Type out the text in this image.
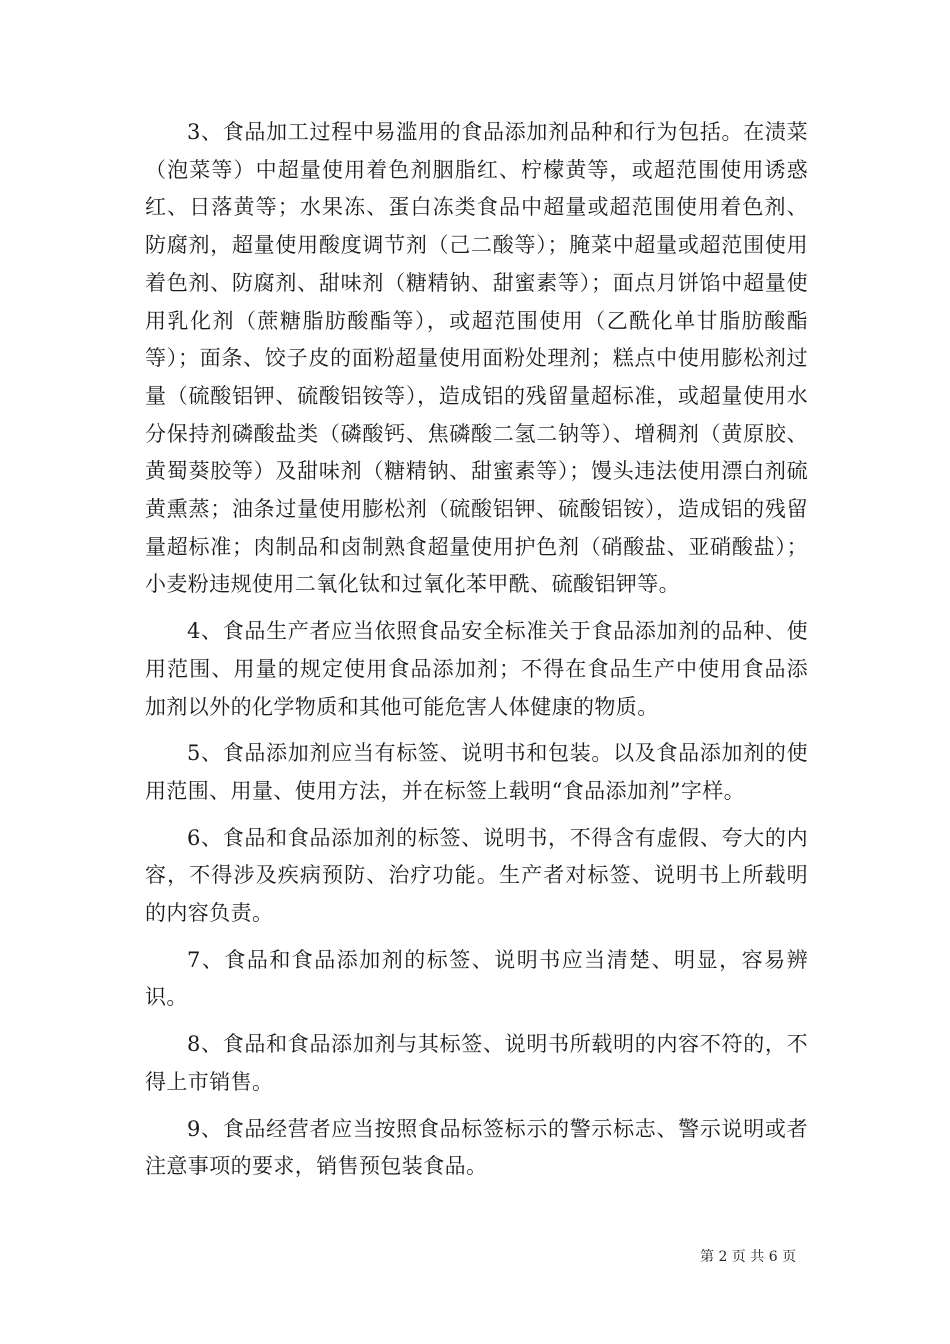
3、食品加工过程中易滥用的食品添加剂品种和行为包括。在渍菜（泡菜等）中超量使用着色剂胭脂红、柠檬黄等，或超范围使用诱惑红、日落黄等；水果冻、蛋白冻类食品中超量或超范围使用着色剂、防腐剂，超量使用酸度调节剂（己二酸等）；腌菜中超量或超范围使用着色剂、防腐剂、甜味剂（糖精钠、甜蜜素等）；面点月饼馅中超量使用乳化剂（蔗糖脂肪酸酯等），或超范围使用（乙酰化单甘脂肪酸酯等）；面条、饺子皮的面粉超量使用面粉处理剂；糕点中使用膨松剂过量（硫酸铝钾、硫酸铝铵等），造成铝的残留量超标准，或超量使用水分保持剂磷酸盐类（磷酸钙、焦磷酸二氢二钠等）、增稠剂（黄原胶、黄蜀葵胶等）及甜味剂（糖精钠、甜蜜素等）；馒头违法使用漂白剂硫黄熏蒸；油条过量使用膨松剂（硫酸铝钾、硫酸铝铵），造成铝的残留量超标准；肉制品和卤制熟食超量使用护色剂（硝酸盐、亚硝酸盐）；小麦粉违规使用二氧化钛和过氧化苯甲酰、硫酸铝钾等。

4、食品生产者应当依照食品安全标准关于食品添加剂的品种、使用范围、用量的规定使用食品添加剂；不得在食品生产中使用食品添加剂以外的化学物质和其他可能危害人体健康的物质。

5、食品添加剂应当有标签、说明书和包装。以及食品添加剂的使用范围、用量、使用方法，并在标签上载明“食品添加剂”字样。

6、食品和食品添加剂的标签、说明书，不得含有虚假、夸大的内容，不得涉及疾病预防、治疗功能。生产者对标签、说明书上所载明的内容负责。

7、食品和食品添加剂的标签、说明书应当清楚、明显，容易辨识。

8、食品和食品添加剂与其标签、说明书所载明的内容不符的，不得上市销售。

9、食品经营者应当按照食品标签标示的警示标志、警示说明或者注意事项的要求，销售预包装食品。

第 2 页 共 6 页
